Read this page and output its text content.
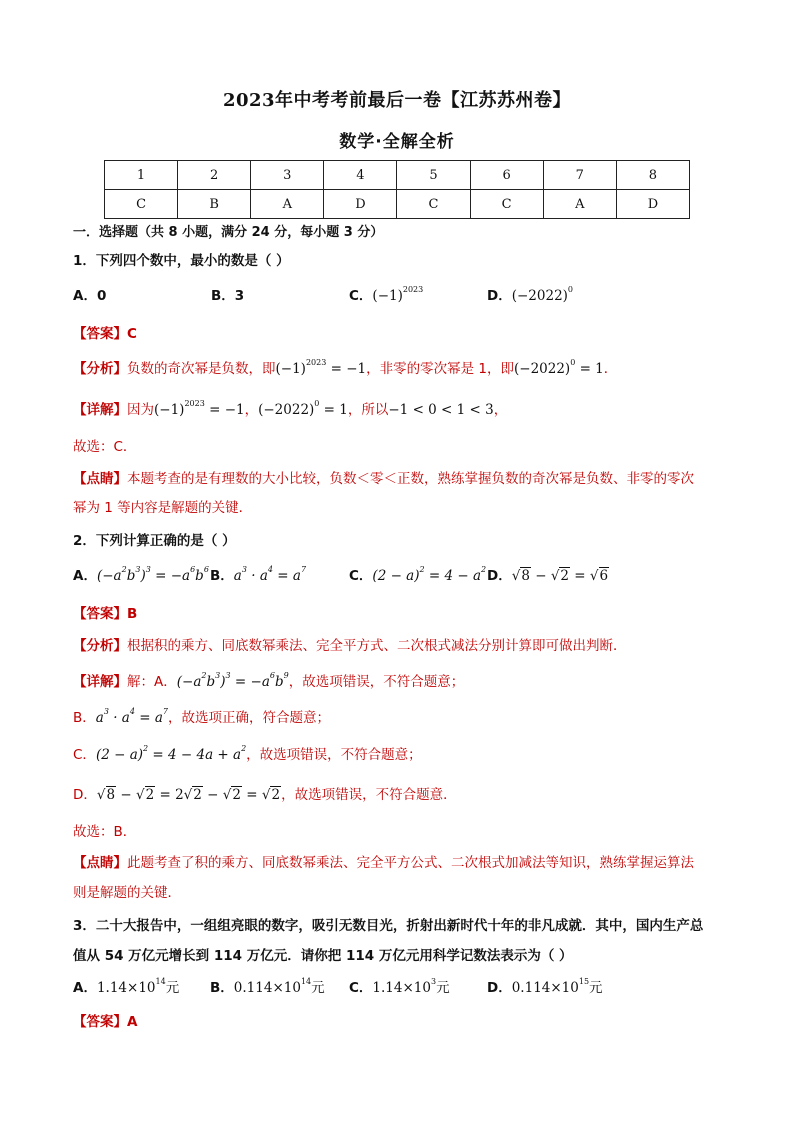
2023年中考考前最后一卷【江苏苏州卷】
数学·全解全析
1	2	3	4	5	6	7	8
C	B	A	D	C	C	A	D
一．选择题（共 8 小题，满分 24 分，每小题 3 分）
1．下列四个数中，最小的数是（ ）
A．0	B．3	C．$(-1)^{2023}$	D．$(-2022)^0$
【答案】C
【分析】负数的奇次幂是负数，即$(-1)^{2023} = -1$，非零的零次幂是 1，即$(-2022)^0 = 1$．
【详解】因为$(-1)^{2023} = -1$，$(-2022)^0 = 1$，所以−1 < 0 < 1 < 3，
故选：C．
【点睛】本题考查的是有理数的大小比较，负数＜零＜正数，熟练掌握负数的奇次幂是负数、非零的零次
幂为 1 等内容是解题的关键．
2．下列计算正确的是（ ）
A．$(-a^2b^3)^3 = -a^6b^6$ B．$a^3 \cdot a^4 = a^7$	C．$(2 - a)^2 = 4 - a^2$ D．√8 − √2 = √6
【答案】B
【分析】根据积的乘方、同底数幂乘法、完全平方式、二次根式减法分别计算即可做出判断．
【详解】解：A．$(-a^2b^3)^3 = -a^6b^9$，故选项错误，不符合题意；
B．$a^3 \cdot a^4 = a^7$，故选项正确，符合题意；
C．$(2 - a)^2 = 4 - 4a + a^2$，故选项错误，不符合题意；
D．√8 − √2 = 2√2 − √2 = √2，故选项错误，不符合题意．
故选：B．
【点睛】此题考查了积的乘方、同底数幂乘法、完全平方公式、二次根式加减法等知识，熟练掌握运算法
则是解题的关键．
3．二十大报告中，一组组亮眼的数字，吸引无数目光，折射出新时代十年的非凡成就．其中，国内生产总
值从 54 万亿元增长到 114 万亿元．请你把 114 万亿元用科学记数法表示为（ ）
A．$1.14\times 10^{14}$元 B．$0.114\times 10^{14}$元 C．$1.14\times 10^3$元	D．$0.114\times 10^{15}$元
【答案】A
